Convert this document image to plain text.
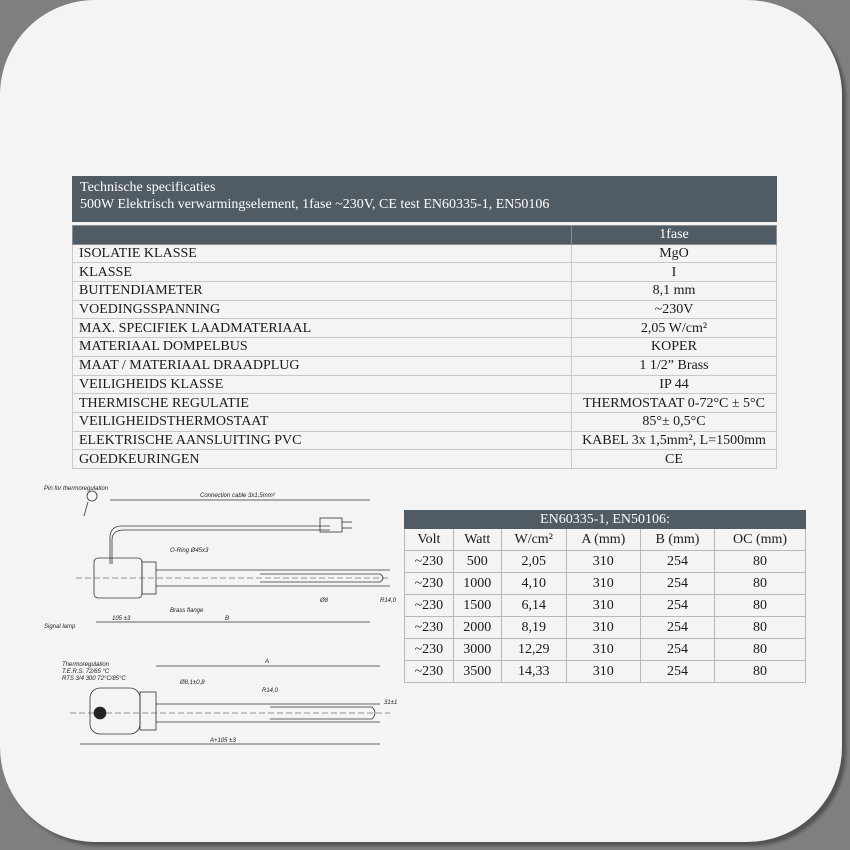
Technische specificaties
500W Elektrisch verwarmingselement, 1fase ~230V, CE test EN60335-1, EN50106
	1fase
ISOLATIE KLASSE	MgO
KLASSE	I
BUITENDIAMETER	8,1 mm
VOEDINGSSPANNING	~230V
MAX. SPECIFIEK LAADMATERIAAL	2,05 W/cm²
MATERIAAL DOMPELBUS	KOPER
MAAT / MATERIAAL DRAADPLUG	1 1/2” Brass
VEILIGHEIDS KLASSE	IP 44
THERMISCHE REGULATIE	THERMOSTAAT 0-72°C ± 5°C
VEILIGHEIDSTHERMOSTAAT	85°± 0,5°C
ELEKTRISCHE AANSLUITING PVC	KABEL 3x 1,5mm², L=1500mm
GOEDKEURINGEN	CE
Connection cable 3x1,5mm²
O-Ring Ø45x3
Brass flange
105 ±3	B
R14,0
Ø8
Signal lamp
Pin for thermoregulation
A
A+105 ±3
Thermoregulation
T.E.R.S. 72/65 °C
RTS 3/4 300 72°C/85°C
Ø8,1±0,8
R14,0
31±1
EN60335-1, EN50106:					
Volt	Watt	W/cm²	A (mm)	B (mm)	OC (mm)
~230	500	2,05	310	254	80
~230	1000	4,10	310	254	80
~230	1500	6,14	310	254	80
~230	2000	8,19	310	254	80
~230	3000	12,29	310	254	80
~230	3500	14,33	310	254	80
